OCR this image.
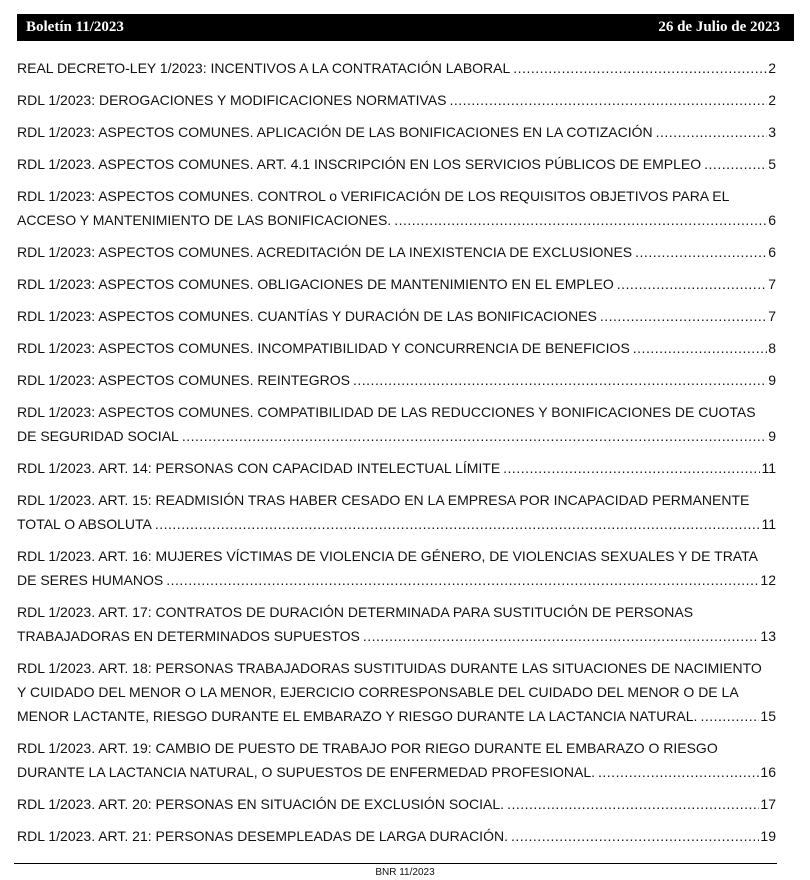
Boletín 11/2023	26 de Julio de 2023
REAL DECRETO-LEY 1/2023: INCENTIVOS A LA CONTRATACIÓN LABORAL .....	2
RDL 1/2023: DEROGACIONES Y MODIFICACIONES NORMATIVAS .....	2
RDL 1/2023: ASPECTOS COMUNES. APLICACIÓN DE LAS BONIFICACIONES EN LA COTIZACIÓN .....	3
RDL 1/2023. ASPECTOS COMUNES. ART. 4.1 INSCRIPCIÓN EN LOS SERVICIOS PÚBLICOS DE EMPLEO .....	5
RDL 1/2023: ASPECTOS COMUNES. CONTROL o VERIFICACIÓN DE LOS REQUISITOS OBJETIVOS PARA EL
ACCESO Y MANTENIMIENTO DE LAS BONIFICACIONES. .....	6
RDL 1/2023: ASPECTOS COMUNES. ACREDITACIÓN DE LA INEXISTENCIA DE EXCLUSIONES .....	6
RDL 1/2023: ASPECTOS COMUNES. OBLIGACIONES DE MANTENIMIENTO EN EL EMPLEO .....	7
RDL 1/2023: ASPECTOS COMUNES. CUANTÍAS Y DURACIÓN DE LAS BONIFICACIONES .....	7
RDL 1/2023: ASPECTOS COMUNES. INCOMPATIBILIDAD Y CONCURRENCIA DE BENEFICIOS .....	8
RDL 1/2023: ASPECTOS COMUNES. REINTEGROS .....	9
RDL 1/2023: ASPECTOS COMUNES. COMPATIBILIDAD DE LAS REDUCCIONES Y BONIFICACIONES DE CUOTAS
DE SEGURIDAD SOCIAL .....	9
RDL 1/2023. ART. 14: PERSONAS CON CAPACIDAD INTELECTUAL LÍMITE .....	11
RDL 1/2023. ART. 15: READMISIÓN TRAS HABER CESADO EN LA EMPRESA POR INCAPACIDAD PERMANENTE
TOTAL O ABSOLUTA .....	11
RDL 1/2023. ART. 16: MUJERES VÍCTIMAS DE VIOLENCIA DE GÉNERO, DE VIOLENCIAS SEXUALES Y DE TRATA
DE SERES HUMANOS .....	12
RDL 1/2023. ART. 17: CONTRATOS DE DURACIÓN DETERMINADA PARA SUSTITUCIÓN DE PERSONAS
TRABAJADORAS EN DETERMINADOS SUPUESTOS .....	13
RDL 1/2023. ART. 18: PERSONAS TRABAJADORAS SUSTITUIDAS DURANTE LAS SITUACIONES DE NACIMIENTO
Y CUIDADO DEL MENOR O LA MENOR, EJERCICIO CORRESPONSABLE DEL CUIDADO DEL MENOR O DE LA
MENOR LACTANTE, RIESGO DURANTE EL EMBARAZO Y RIESGO DURANTE LA LACTANCIA NATURAL. .....	15
RDL 1/2023. ART. 19: CAMBIO DE PUESTO DE TRABAJO POR RIEGO DURANTE EL EMBARAZO O RIESGO
DURANTE LA LACTANCIA NATURAL, O SUPUESTOS DE ENFERMEDAD PROFESIONAL. .....	16
RDL 1/2023. ART. 20: PERSONAS EN SITUACIÓN DE EXCLUSIÓN SOCIAL. .....	17
RDL 1/2023. ART. 21: PERSONAS DESEMPLEADAS DE LARGA DURACIÓN. .....	19
BNR 11/2023
